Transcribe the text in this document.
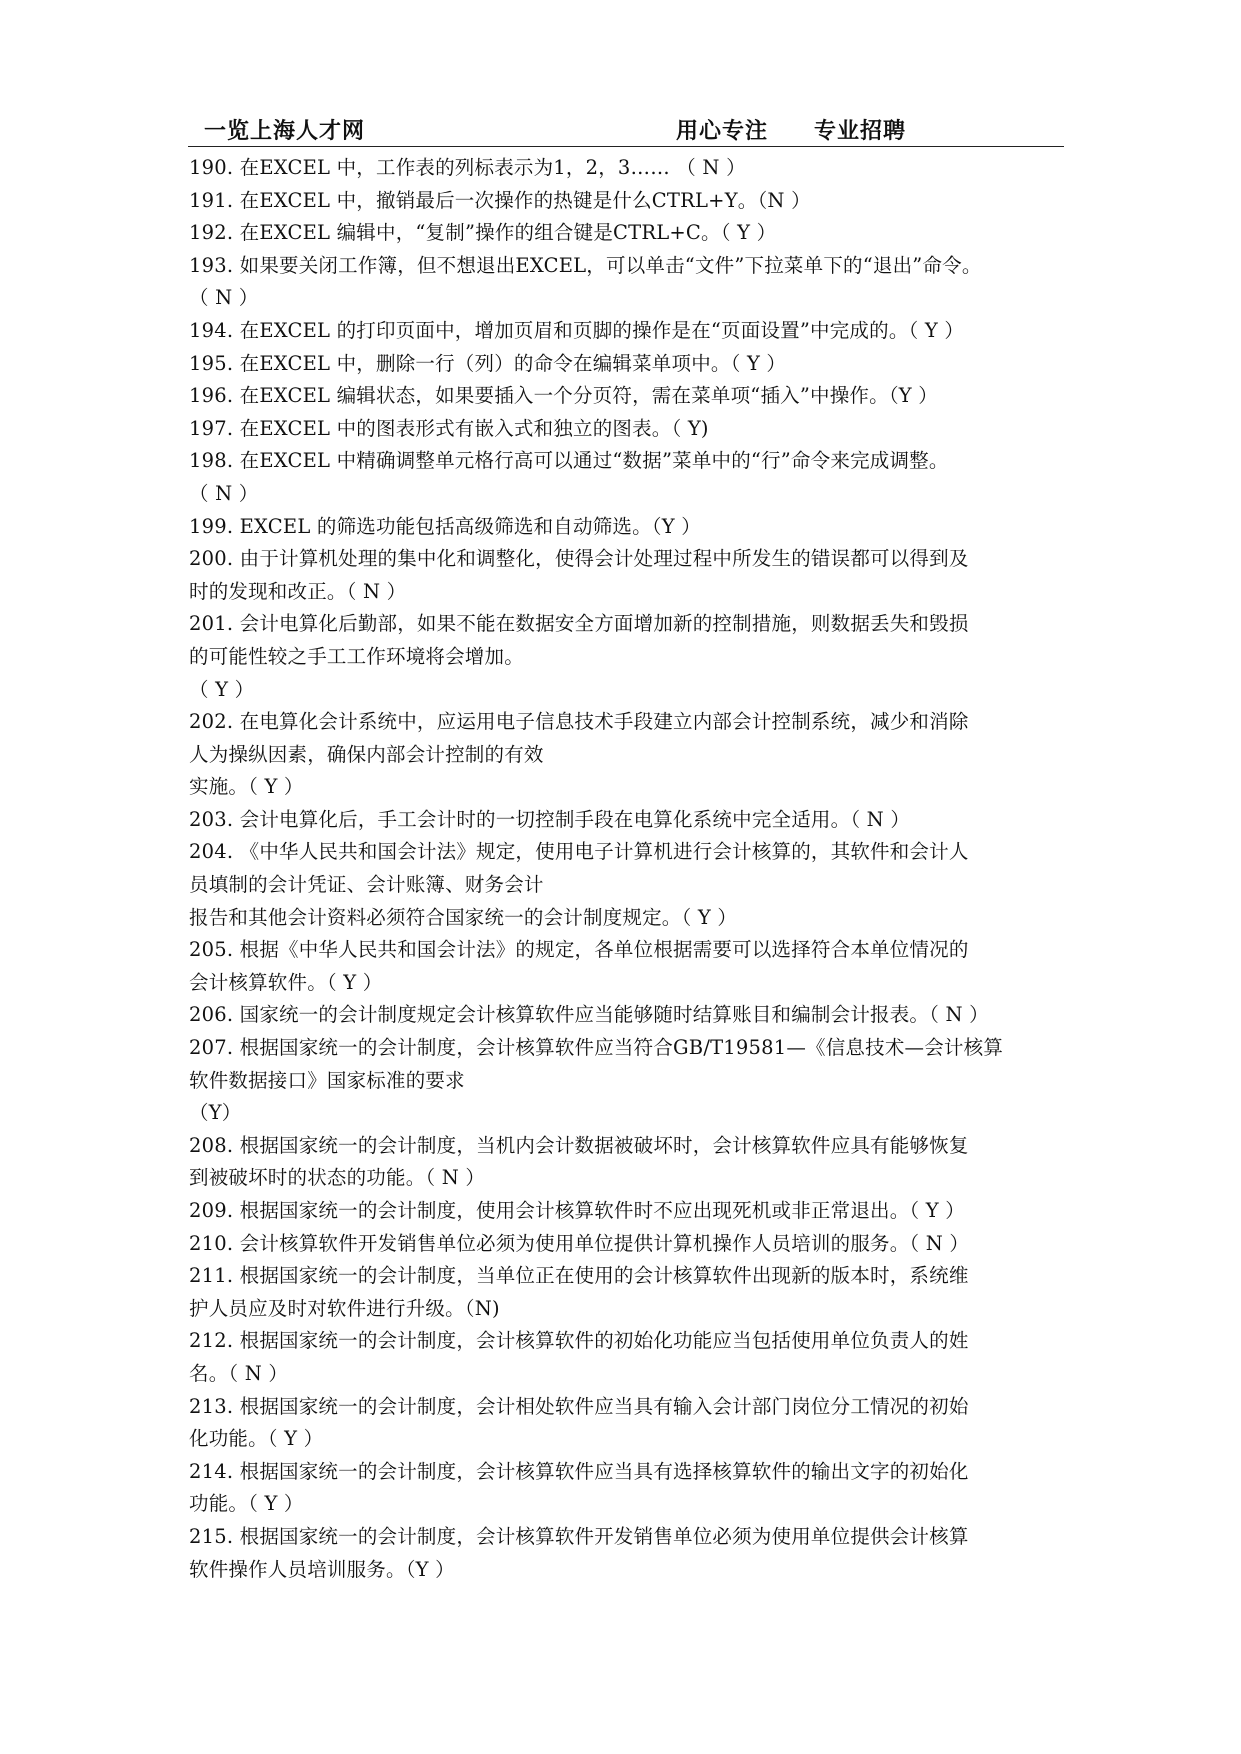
一览上海人才网	用心专注　　专业招聘
190. 在EXCEL 中，工作表的列标表示为1，2，3…… （ N ）
191. 在EXCEL 中，撤销最后一次操作的热键是什么CTRL+Y。（N ）
192. 在EXCEL 编辑中，“复制”操作的组合键是CTRL+C。（ Y ）
193. 如果要关闭工作簿，但不想退出EXCEL，可以单击“文件”下拉菜单下的“退出”命令。
（ N ）
194. 在EXCEL 的打印页面中，增加页眉和页脚的操作是在“页面设置”中完成的。（ Y ）
195. 在EXCEL 中，删除一行（列）的命令在编辑菜单项中。（ Y ）
196. 在EXCEL 编辑状态，如果要插入一个分页符，需在菜单项“插入”中操作。（Y ）
197. 在EXCEL 中的图表形式有嵌入式和独立的图表。（ Y)
198. 在EXCEL 中精确调整单元格行高可以通过“数据”菜单中的“行”命令来完成调整。
（ N ）
199. EXCEL 的筛选功能包括高级筛选和自动筛选。（Y ）
200. 由于计算机处理的集中化和调整化，使得会计处理过程中所发生的错误都可以得到及
时的发现和改正。（ N ）
201. 会计电算化后勤部，如果不能在数据安全方面增加新的控制措施，则数据丢失和毁损
的可能性较之手工工作环境将会增加。
（ Y ）
202. 在电算化会计系统中，应运用电子信息技术手段建立内部会计控制系统，减少和消除
人为操纵因素，确保内部会计控制的有效
实施。（ Y ）
203. 会计电算化后，手工会计时的一切控制手段在电算化系统中完全适用。（ N ）
204. 《中华人民共和国会计法》规定，使用电子计算机进行会计核算的，其软件和会计人
员填制的会计凭证、会计账簿、财务会计
报告和其他会计资料必须符合国家统一的会计制度规定。（ Y ）
205. 根据《中华人民共和国会计法》的规定，各单位根据需要可以选择符合本单位情况的
会计核算软件。（ Y ）
206. 国家统一的会计制度规定会计核算软件应当能够随时结算账目和编制会计报表。（ N ）
207. 根据国家统一的会计制度，会计核算软件应当符合GB/T19581—《信息技术—会计核算
软件数据接口》国家标准的要求
（Y）
208. 根据国家统一的会计制度，当机内会计数据被破坏时，会计核算软件应具有能够恢复
到被破坏时的状态的功能。（ N ）
209. 根据国家统一的会计制度，使用会计核算软件时不应出现死机或非正常退出。（ Y ）
210. 会计核算软件开发销售单位必须为使用单位提供计算机操作人员培训的服务。（ N ）
211. 根据国家统一的会计制度，当单位正在使用的会计核算软件出现新的版本时，系统维
护人员应及时对软件进行升级。（N)
212. 根据国家统一的会计制度，会计核算软件的初始化功能应当包括使用单位负责人的姓
名。（ N ）
213. 根据国家统一的会计制度，会计相处软件应当具有输入会计部门岗位分工情况的初始
化功能。（ Y ）
214. 根据国家统一的会计制度，会计核算软件应当具有选择核算软件的输出文字的初始化
功能。（ Y ）
215. 根据国家统一的会计制度，会计核算软件开发销售单位必须为使用单位提供会计核算
软件操作人员培训服务。（Y ）
